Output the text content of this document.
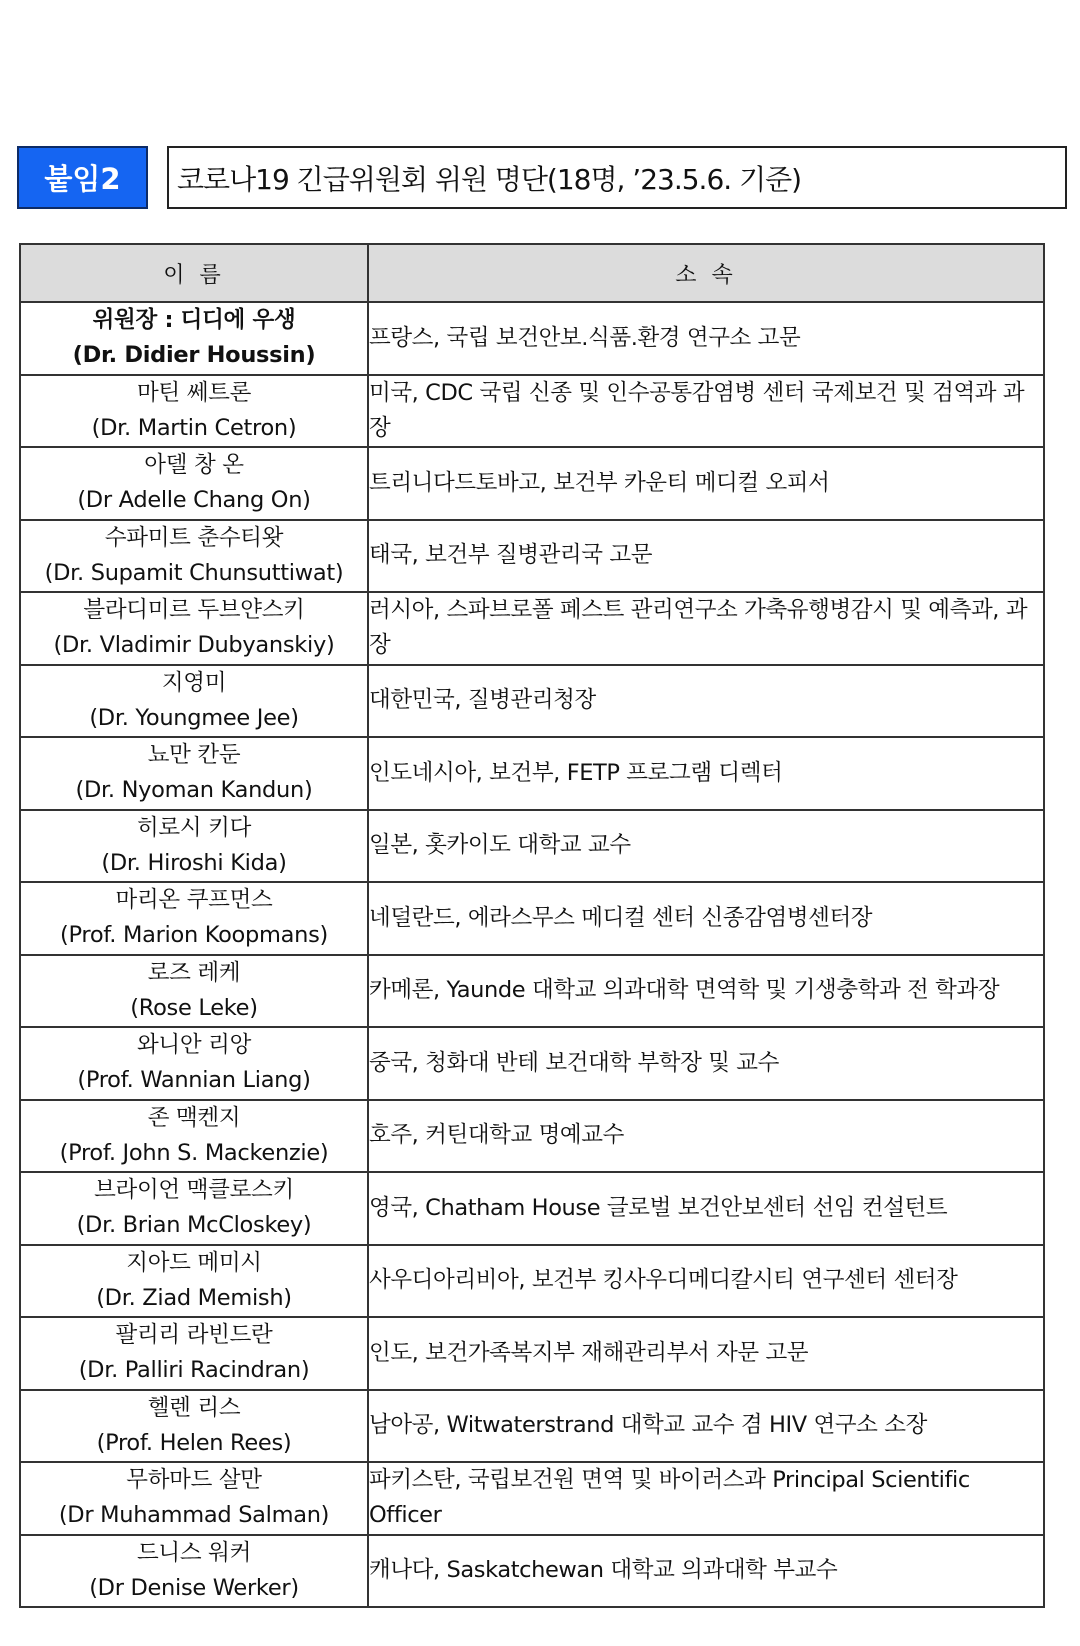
붙임2	코로나19 긴급위원회 위원 명단(18명, ’23.5.6. 기준)
이 름	소 속

위원장 : 디디에 우생
(Dr. Didier Houssin)	프랑스, 국립 보건안보.식품.환경 연구소 고문

마틴 쎄트론
(Dr. Martin Cetron)	미국, CDC 국립 신종 및 인수공통감염병 센터 국제보건 및 검역과 과장

아델 창 온
(Dr Adelle Chang On)	트리니다드토바고, 보건부 카운티 메디컬 오피서

수파미트 춘수티왓
(Dr. Supamit Chunsuttiwat)	태국, 보건부 질병관리국 고문

블라디미르 두브얀스키
(Dr. Vladimir Dubyanskiy)	러시아, 스파브로폴 페스트 관리연구소 가축유행병감시 및 예측과, 과장

지영미
(Dr. Youngmee Jee)	대한민국, 질병관리청장

뇨만 칸둔
(Dr. Nyoman Kandun)	인도네시아, 보건부, FETP 프로그램 디렉터

히로시 키다
(Dr. Hiroshi Kida)	일본, 홋카이도 대학교 교수

마리온 쿠프먼스
(Prof. Marion Koopmans)	네덜란드, 에라스무스 메디컬 센터 신종감염병센터장

로즈 레케
(Rose Leke)	카메론, Yaunde 대학교 의과대학 면역학 및 기생충학과 전 학과장

와니안 리앙
(Prof. Wannian Liang)	중국, 청화대 반테 보건대학 부학장 및 교수

존 맥켄지
(Prof. John S. Mackenzie)	호주, 커틴대학교 명예교수

브라이언 맥클로스키
(Dr. Brian McCloskey)	영국, Chatham House 글로벌 보건안보센터 선임 컨설턴트

지아드 메미시
(Dr. Ziad Memish)	사우디아리비아, 보건부 킹사우디메디칼시티 연구센터 센터장

팔리리 라빈드란
(Dr. Palliri Racindran)	인도, 보건가족복지부 재해관리부서 자문 고문

헬렌 리스
(Prof. Helen Rees)	남아공, Witwaterstrand 대학교 교수 겸 HIV 연구소 소장

무하마드 살만
(Dr Muhammad Salman)	파키스탄, 국립보건원 면역 및 바이러스과 Principal Scientific Officer

드니스 워커
(Dr Denise Werker)	캐나다, Saskatchewan 대학교 의과대학 부교수
